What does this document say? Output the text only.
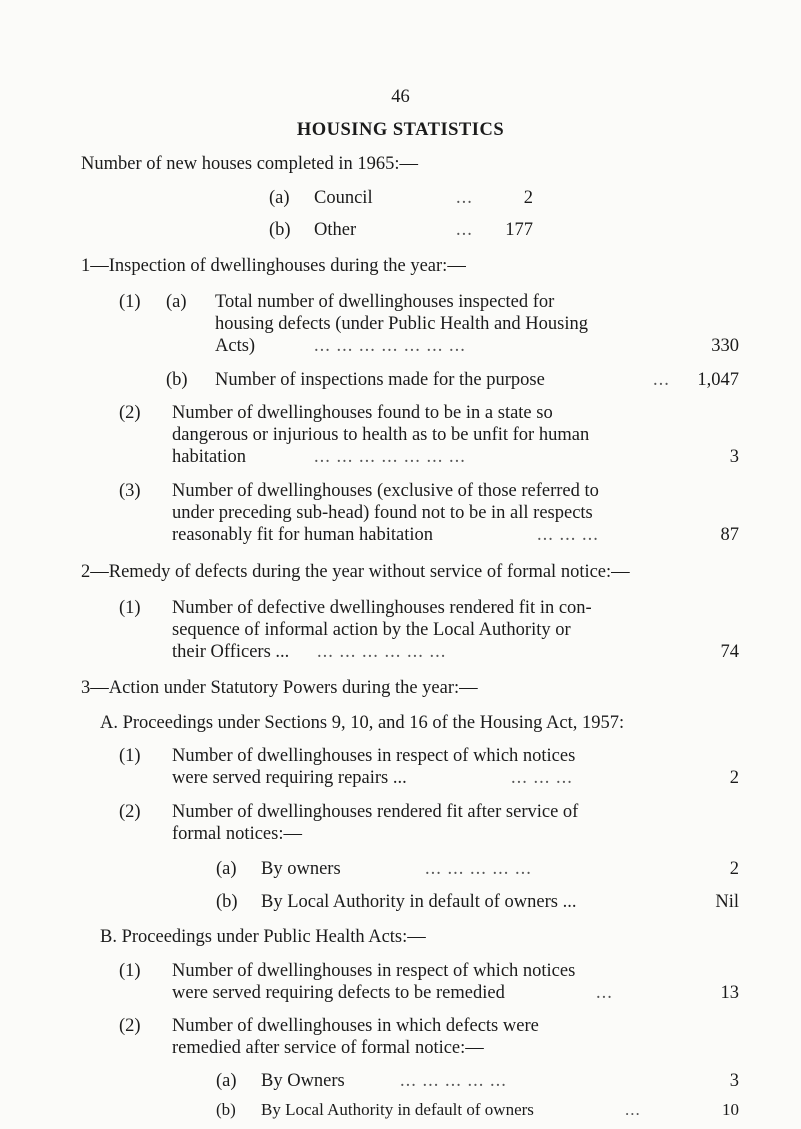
46
HOUSING STATISTICS
Number of new houses completed in 1965:—
(a) Council	...	2
(b) Other	...	177
1—Inspection of dwellinghouses during the year:—
(1) (a) Total number of dwellinghouses inspected for
housing defects (under Public Health and Housing
Acts)	... ... ... ... ... ... ...	330
(b) Number of inspections made for the purpose	...	1,047
(2) Number of dwellinghouses found to be in a state so
dangerous or injurious to health as to be unfit for human
habitation	... ... ... ... ... ... ...	3
(3) Number of dwellinghouses (exclusive of those referred to
under preceding sub-head) found not to be in all respects
reasonably fit for human habitation	... ... ...	87
2—Remedy of defects during the year without service of formal notice:—
(1) Number of defective dwellinghouses rendered fit in con-
sequence of informal action by the Local Authority or
their Officers ... ... ... ... ... ... ...	74
3—Action under Statutory Powers during the year:—
A. Proceedings under Sections 9, 10, and 16 of the Housing Act, 1957:
(1) Number of dwellinghouses in respect of which notices
were served requiring repairs ...	... ... ...	2
(2) Number of dwellinghouses rendered fit after service of
formal notices:—
(a) By owners	... ... ... ... ...	2
(b) By Local Authority in default of owners ...	Nil
B. Proceedings under Public Health Acts:—
(1) Number of dwellinghouses in respect of which notices
were served requiring defects to be remedied	...	13
(2) Number of dwellinghouses in which defects were
remedied after service of formal notice:—
(a) By Owners	... ... ... ... ...	3
(b) By Local Authority in default of owners	...	10
